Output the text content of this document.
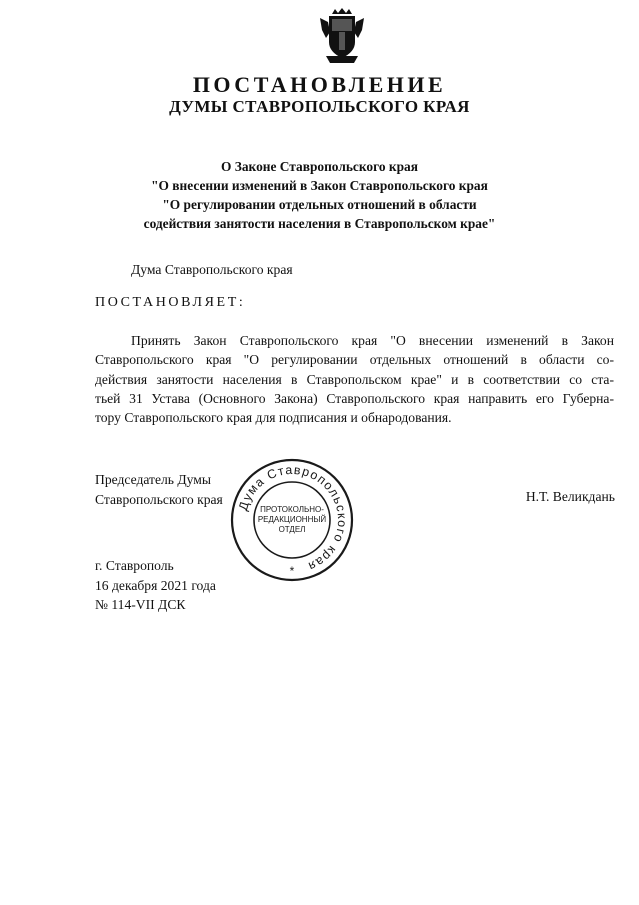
ПОСТАНОВЛЕНИЕ
ДУМЫ СТАВРОПОЛЬСКОГО КРАЯ
О Законе Ставропольского края
"О внесении изменений в Закон Ставропольского края
"О регулировании отдельных отношений в области
содействия занятости населения в Ставропольском крае"
Дума Ставропольского края
ПОСТАНОВЛЯЕТ:
Принять Закон Ставропольского края "О внесении изменений в Закон
Ставропольского края "О регулировании отдельных отношений в области со-
действия занятости населения в Ставропольском крае" и в соответствии со ста-
тьей 31 Устава (Основного Закона) Ставропольского края направить его Губерна-
тору Ставропольского края для подписания и обнародования.
Председатель Думы
Ставропольского края	Н.Т. Великдань
Дума Ставропольского края
ПРОТОКОЛЬНО-
РЕДАКЦИОННЫЙ
ОТДЕЛ
*
г. Ставрополь
16 декабря 2021 года
№ 114-VII ДСК
